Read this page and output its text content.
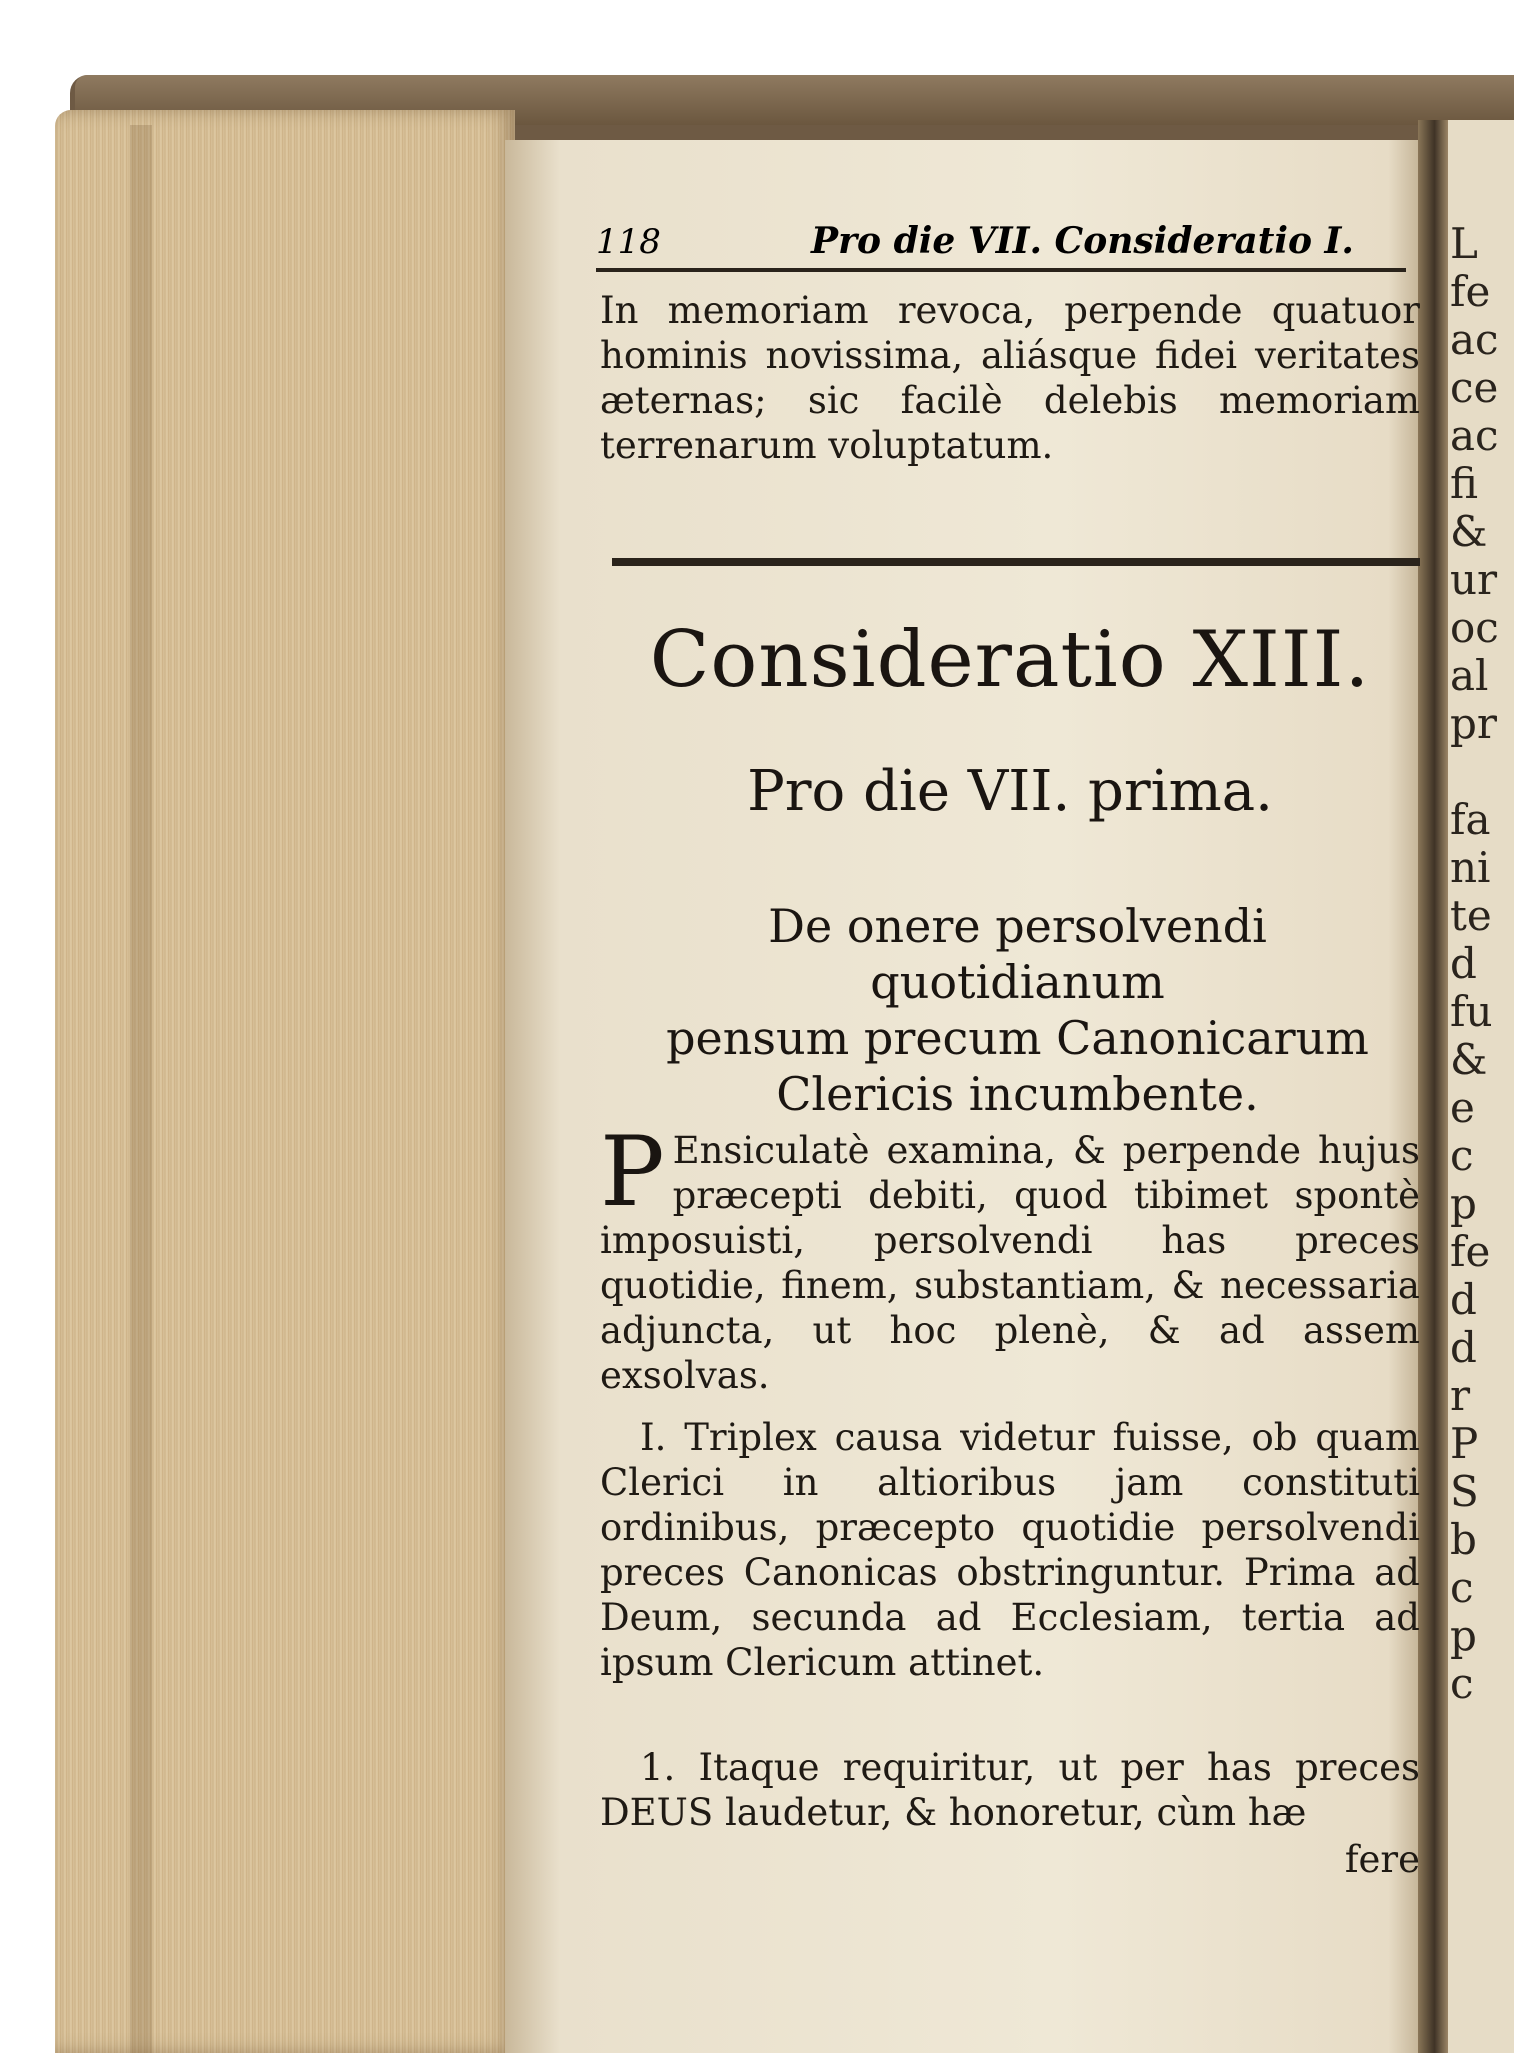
L
fe
ac
ce
ac
fi
&
ur
oc
al
pr
fa
ni
te
d
fu
&
e
c
p
fe
d
d
r
P
S
b
c
p
c
118	Pro die VII. Consideratio I.
In memoriam revoca, perpende quatuor hominis novissima, aliásque fidei veritates æternas; sic facilè delebis memoriam terrenarum voluptatum.
Consideratio XIII.
Pro die VII. prima.
De onere persolvendi quotidianum
pensum precum Canonicarum
Clericis incumbente.
P Ensiculatè examina, & perpende hujus præcepti debiti, quod tibimet spontè imposuisti, persolvendi has preces quotidie, finem, substantiam, & necessaria adjuncta, ut hoc plenè, & ad assem exsolvas.
I. Triplex causa videtur fuisse, ob quam Clerici in altioribus jam constituti ordinibus, præcepto quotidie persolvendi preces Canonicas obstringuntur. Prima ad Deum, secunda ad Ecclesiam, tertia ad ipsum Clericum attinet.
1. Itaque requiritur, ut per has preces DEUS laudetur, & honoretur, cùm hæ
fere
